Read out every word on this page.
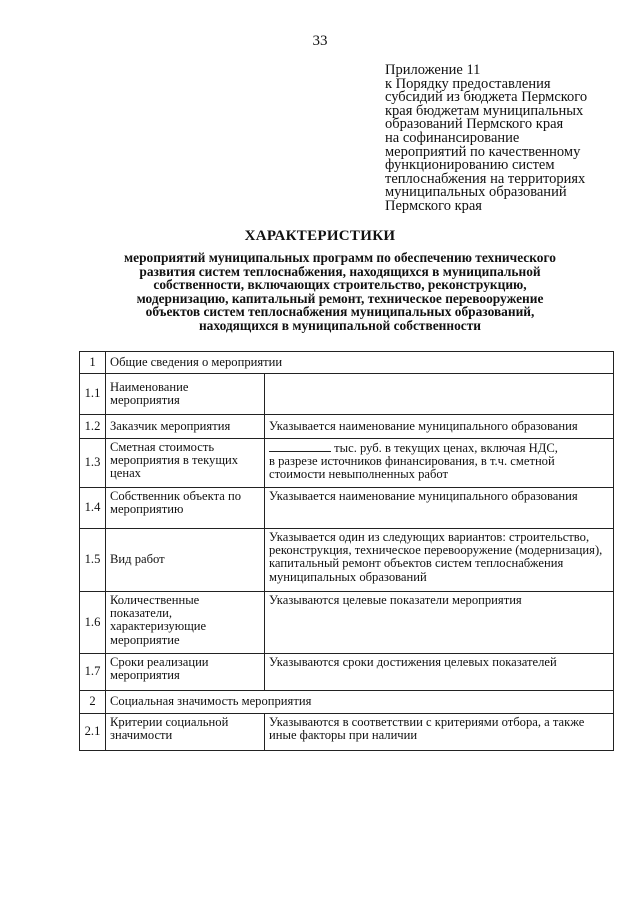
33
Приложение 11
к Порядку предоставления
субсидий из бюджета Пермского
края бюджетам муниципальных
образований Пермского края
на софинансирование
мероприятий по качественному
функционированию систем
теплоснабжения на территориях
муниципальных образований
Пермского края
ХАРАКТЕРИСТИКИ
мероприятий муниципальных программ по обеспечению технического
развития систем теплоснабжения, находящихся в муниципальной
собственности, включающих строительство, реконструкцию,
модернизацию, капитальный ремонт, техническое перевооружение
объектов систем теплоснабжения муниципальных образований,
находящихся в муниципальной собственности
1	Общие сведения о мероприятии	
1.1	Наименование мероприятия	
1.2	Заказчик мероприятия	Указывается наименование муниципального образования
1.3	Сметная стоимость мероприятия в текущих ценах	тыс. руб. в текущих ценах, включая НДС,
в разрезе источников финансирования, в т.ч. сметной стоимости невыполненных работ

1.4	Собственник объекта по мероприятию	Указывается наименование муниципального образования
1.5	Вид работ	Указывается один из следующих вариантов: строительство, реконструкция, техническое перевооружение (модернизация), капитальный ремонт объектов систем теплоснабжения муниципальных образований
1.6	Количественные показатели, характеризующие мероприятие	Указываются целевые показатели мероприятия
1.7	Сроки реализации мероприятия	Указываются сроки достижения целевых показателей
2	Социальная значимость мероприятия	
2.1	Критерии социальной значимости	Указываются в соответствии с критериями отбора, а также иные факторы при наличии
